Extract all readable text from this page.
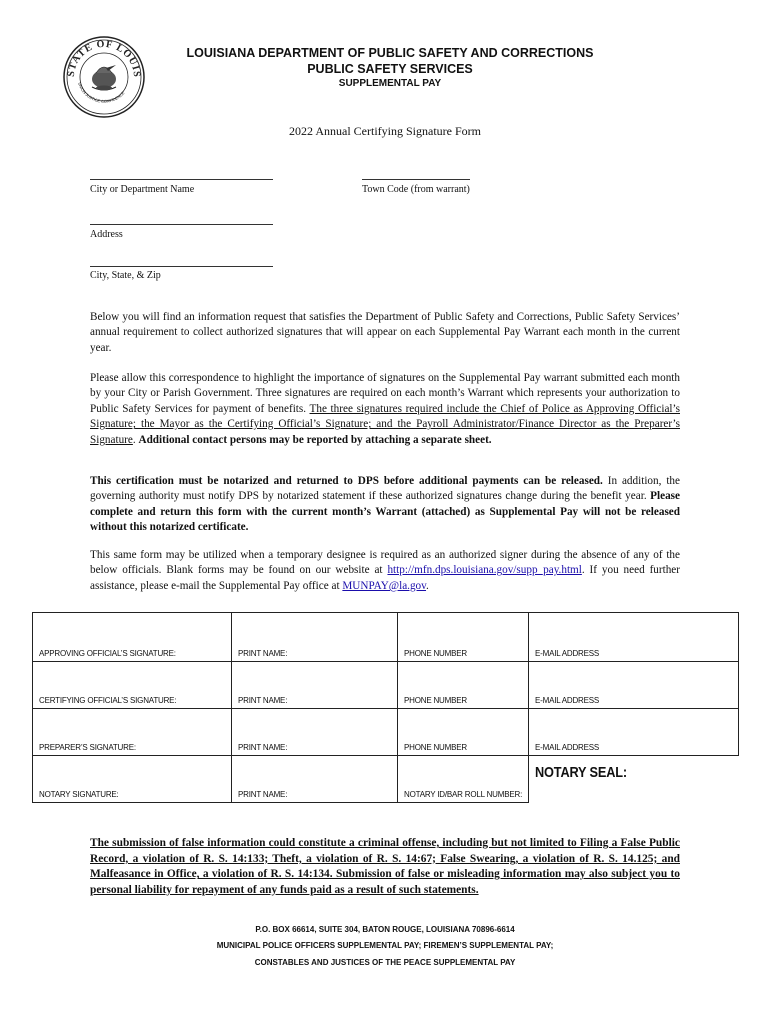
STATE OF LOUIS
UNION JUSTICE CONFIDENCE
LOUISIANA DEPARTMENT OF PUBLIC SAFETY AND CORRECTIONS
PUBLIC SAFETY SERVICES
SUPPLEMENTAL PAY
2022 Annual Certifying Signature Form
City or Department Name	Town Code (from warrant)
Address
City, State, & Zip

Below you will find an information request that satisfies the Department of Public Safety and Corrections, Public Safety Services’ annual requirement to collect authorized signatures that will appear on each Supplemental Pay Warrant each month in the current year.

Please allow this correspondence to highlight the importance of signatures on the Supplemental Pay warrant submitted each month by your City or Parish Government. Three signatures are required on each month’s Warrant which represents your authorization to Public Safety Services for payment of benefits. The three signatures required include the Chief of Police as Approving Official’s Signature; the Mayor as the Certifying Official’s Signature; and the Payroll Administrator/Finance Director as the Preparer’s Signature. Additional contact persons may be reported by attaching a separate sheet.

This certification must be notarized and returned to DPS before additional payments can be released. In addition, the governing authority must notify DPS by notarized statement if these authorized signatures change during the benefit year. Please complete and return this form with the current month’s Warrant (attached) as Supplemental Pay will not be released without this notarized certificate.

This same form may be utilized when a temporary designee is required as an authorized signer during the absence of any of the below officials. Blank forms may be found on our website at http://mfn.dps.louisiana.gov/supp_pay.html. If you need further assistance, please e-mail the Supplemental Pay office at MUNPAY@la.gov.

APPROVING OFFICIAL’S SIGNATURE:	PRINT NAME:	PHONE NUMBER	E-MAIL ADDRESS
CERTIFYING OFFICIAL’S SIGNATURE:	PRINT NAME:	PHONE NUMBER	E-MAIL ADDRESS
PREPARER’S SIGNATURE:	PRINT NAME:	PHONE NUMBER	E-MAIL ADDRESS
NOTARY SIGNATURE:	PRINT NAME:	NOTARY ID/BAR ROLL NUMBER:	NOTARY SEAL:
The submission of false information could constitute a criminal offense, including but not limited to Filing a False Public Record, a violation of R. S. 14:133; Theft, a violation of R. S. 14:67; False Swearing, a violation of R. S. 14.125; and Malfeasance in Office, a violation of R. S. 14:134. Submission of false or misleading information may also subject you to personal liability for repayment of any funds paid as a result of such statements.
P.O. BOX 66614, SUITE 304, BATON ROUGE, LOUISIANA 70896-6614
MUNICIPAL POLICE OFFICERS SUPPLEMENTAL PAY; FIREMEN’S SUPPLEMENTAL PAY;
CONSTABLES AND JUSTICES OF THE PEACE SUPPLEMENTAL PAY
